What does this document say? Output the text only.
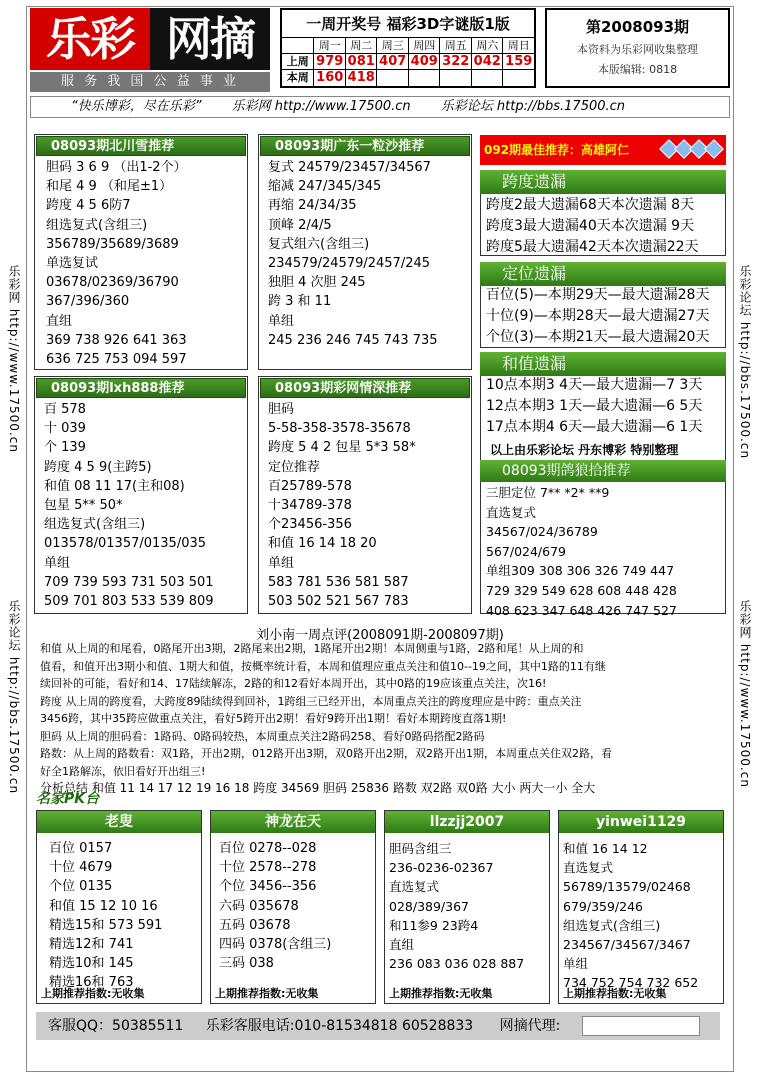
乐彩 网摘
服 务 我 国 公 益 事 业
一周开奖号 福彩3D字谜版1版
周一 周二 周三 周四 周五 周六 周日
上周 979 081 407 409 322 042 159
本周 160 418
第2008093期
本资料为乐彩网收集整理
本版编辑: 0818
“快乐博彩，尽在乐彩” 乐彩网 http://www.17500.cn 乐彩论坛 http://bbs.17500.cn
乐彩网 http://www.17500.cn
乐彩论坛 http://bbs.17500.cn
乐彩论坛 http://bbs.17500.cn
乐彩网 http://www.17500.cn
08093期北川雪推荐
胆码 3 6 9 （出1-2个）
和尾 4 9 （和尾±1）
跨度 4 5 6防7
组选复式(含组三)
356789/35689/3689
单选复试
03678/02369/36790
367/396/360
直组
369 738 926 641 363
636 725 753 094 597
08093期广东一粒沙推荐
复式 24579/23457/34567
缩减 247/345/345
再缩 24/34/35
顶峰 2/4/5
复式组六(含组三)
234579/24579/2457/245
独胆 4 次胆 245
跨 3 和 11
单组
245 236 246 745 743 735
08093期lxh888推荐
百 578
十 039
个 139
跨度 4 5 9(主跨5)
和值 08 11 17(主和08)
包星 5** 50*
组选复式(含组三)
013578/01357/0135/035
单组
709 739 593 731 503 501
509 701 803 533 539 809
08093期彩网情深推荐
胆码
5-58-358-3578-35678
跨度 5 4 2 包星 5*3 58*
定位推荐
百25789-578
十34789-378
个23456-356
和值 16 14 18 20
单组
583 781 536 581 587
503 502 521 567 783
092期最佳推荐：高雄阿仁
跨度遗漏
跨度2最大遗漏68天本次遗漏 8天
跨度3最大遗漏40天本次遗漏 9天
跨度5最大遗漏42天本次遗漏22天
定位遗漏
百位(5)—本期29天—最大遗漏28天
十位(9)—本期28天—最大遗漏27天
个位(3)—本期21天—最大遗漏20天
和值遗漏
10点本期3 4天—最大遗漏—7 3天
12点本期3 1天—最大遗漏—6 5天
17点本期4 6天—最大遗漏—6 1天
以上由乐彩论坛 丹东博彩 特别整理
08093期鸽狼拾推荐
三胆定位 7** *2* **9
直选复式
34567/024/36789
567/024/679
单组309 308 306 326 749 447
729 329 549 628 608 448 428
408 623 347 648 426 747 527
刘小南一周点评(2008091期-2008097期)
和值 从上周的和尾看，0路尾开出3期，2路尾来出2期，1路尾开出2期！本周侧重与1路，2路和尾！从上周的和
值看，和值开出3期小和值、1期大和值，按概率统计看，本周和值理应重点关注和值10--19之间，其中1路的11有继
续回补的可能，看好和14、17陆续解冻，2路的和12看好本周开出，其中0路的19应该重点关注，次16!
跨度 从上周的跨度看，大跨度89陆续得到回补，1跨组三已经开出，本周重点关注的跨度理应是中跨：重点关注
3456跨，其中35跨应做重点关注，看好5跨开出2期！看好9跨开出1期！看好本期跨度直落1期!
胆码 从上周的胆码看：1路码、0路码较热，本周重点关注2路码258、看好0路码搭配2路码
路数：从上周的路数看：双1路，开出2期，012路开出3期，双0路开出2期，双2路开出1期，本周重点关住双2路，看
好全1路解冻，依旧看好开出组三!
分析总结 和值 11 14 17 12 19 16 18 跨度 34569 胆码 25836 路数 双2路 双0路 大小 两大一小 全大
名家PK台
老叟
百位 0157
十位 4679
个位 0135
和值 15 12 10 16
精选15和 573 591
精选12和 741
精选10和 145
精选16和 763
上期推荐指数:无收集
神龙在天
百位 0278--028
十位 2578--278
个位 3456--356
六码 035678
五码 03678
四码 0378(含组三)
三码 038
上期推荐指数:无收集
llzzjj2007
胆码含组三
236-0236-02367
直选复式
028/389/367
和11参9 23跨4
直组
236 083 036 028 887
上期推荐指数:无收集
yinwei1129
和值 16 14 12
直选复式
56789/13579/02468
679/359/246
组选复式(含组三)
234567/34567/3467
单组
734 752 754 732 652
上期推荐指数:无收集
客服QQ：50385511 乐彩客服电话:010-81534818 60528833 网摘代理:
